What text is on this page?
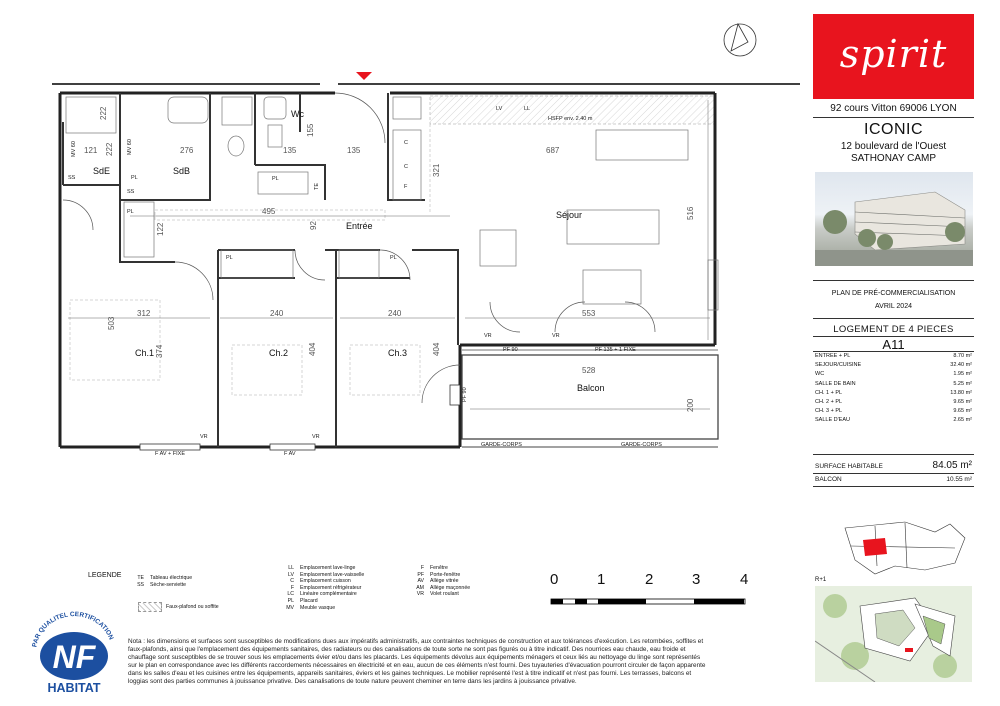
SdE	SdB
Wc
Entrée
Séjour
Ch.1	Ch.2	Ch.3
Balcon
121
222
222	276	135
155
135
321
687
495
92
122
516
312	240	240	553
503
374	404	404
528
200
MV 60	MV 60
SS
SS
PL
PL
PL
PL	PL
TE
C
C
F
LV	LL
HSFP env. 2.40 m
VR	VR
VR	VR
PF 90
PF 90
PF 135 + 1 FIXE
F AV + FIXE	F AV
GARDE-CORPS	GARDE-CORPS
spirit
92 cours Vitton 69006 LYON
ICONIC
12 boulevard de l'Ouest
SATHONAY CAMP
PLAN DE PRÉ-COMMERCIALISATION
AVRIL 2024
LOGEMENT DE 4 PIECES
A11
ENTREE + PL	8.70 m²
SEJOUR/CUISINE	32.40 m²
WC	1.95 m²
SALLE DE BAIN	5.25 m²
CH. 1 + PL	13.80 m²
CH. 2 + PL	9.65 m²
CH. 3 + PL	9.65 m²
SALLE D'EAU	2.65 m²
SURFACE HABITABLE	84.05 m²
BALCON	10.55 m²
R+1
LEGENDE	TE Tableau électrique
SS Sèche-serviette
Faux-plafond ou soffite
LL Emplacement lave-linge
LV Emplacement lave-vaisselle
C Emplacement cuisson
F Emplacement réfrigérateur
LC Linéaire complémentaire
PL Placard
MV Meuble vasque
F Fenêtre
PF Porte-fenêtre
AV Allège vitrée
AM Allège maçonnée
VR Volet roulant
0	1	2	3	4
PAR QUALITEL CERTIFICATION
NF
HABITAT
Nota : les dimensions et surfaces sont susceptibles de modifications dues aux impératifs administratifs, aux contraintes techniques de construction et aux tolérances d'exécution. Les retombées, soffites et faux-plafonds, ainsi que l'emplacement des équipements sanitaires, des radiateurs ou des canalisations de toute sorte ne sont pas figurés ou à titre indicatif. Des nourrices eau chaude, eau froide et chauffage sont susceptibles de se trouver sous les emplacements évier et/ou dans les placards. Les équipements dévolus aux équipements ménagers et ceux liés au nettoyage du linge sont représentés sur le plan en correspondance avec les différents raccordements nécessaires en électricité et en eau, aucun de ces éléments n'est fourni. Des tuyauteries d'évacuation pourront circuler de façon apparente dans les salles d'eau et les cuisines entre les équipements, appareils sanitaires, éviers et les gaines techniques. Le mobilier représenté l'est à titre indicatif et n'est pas fourni. Les terrasses, balcons et loggias sont des parties communes à jouissance privative. Des canalisations de toute nature peuvent cheminer en terre dans les jardins à jouissance privative.
